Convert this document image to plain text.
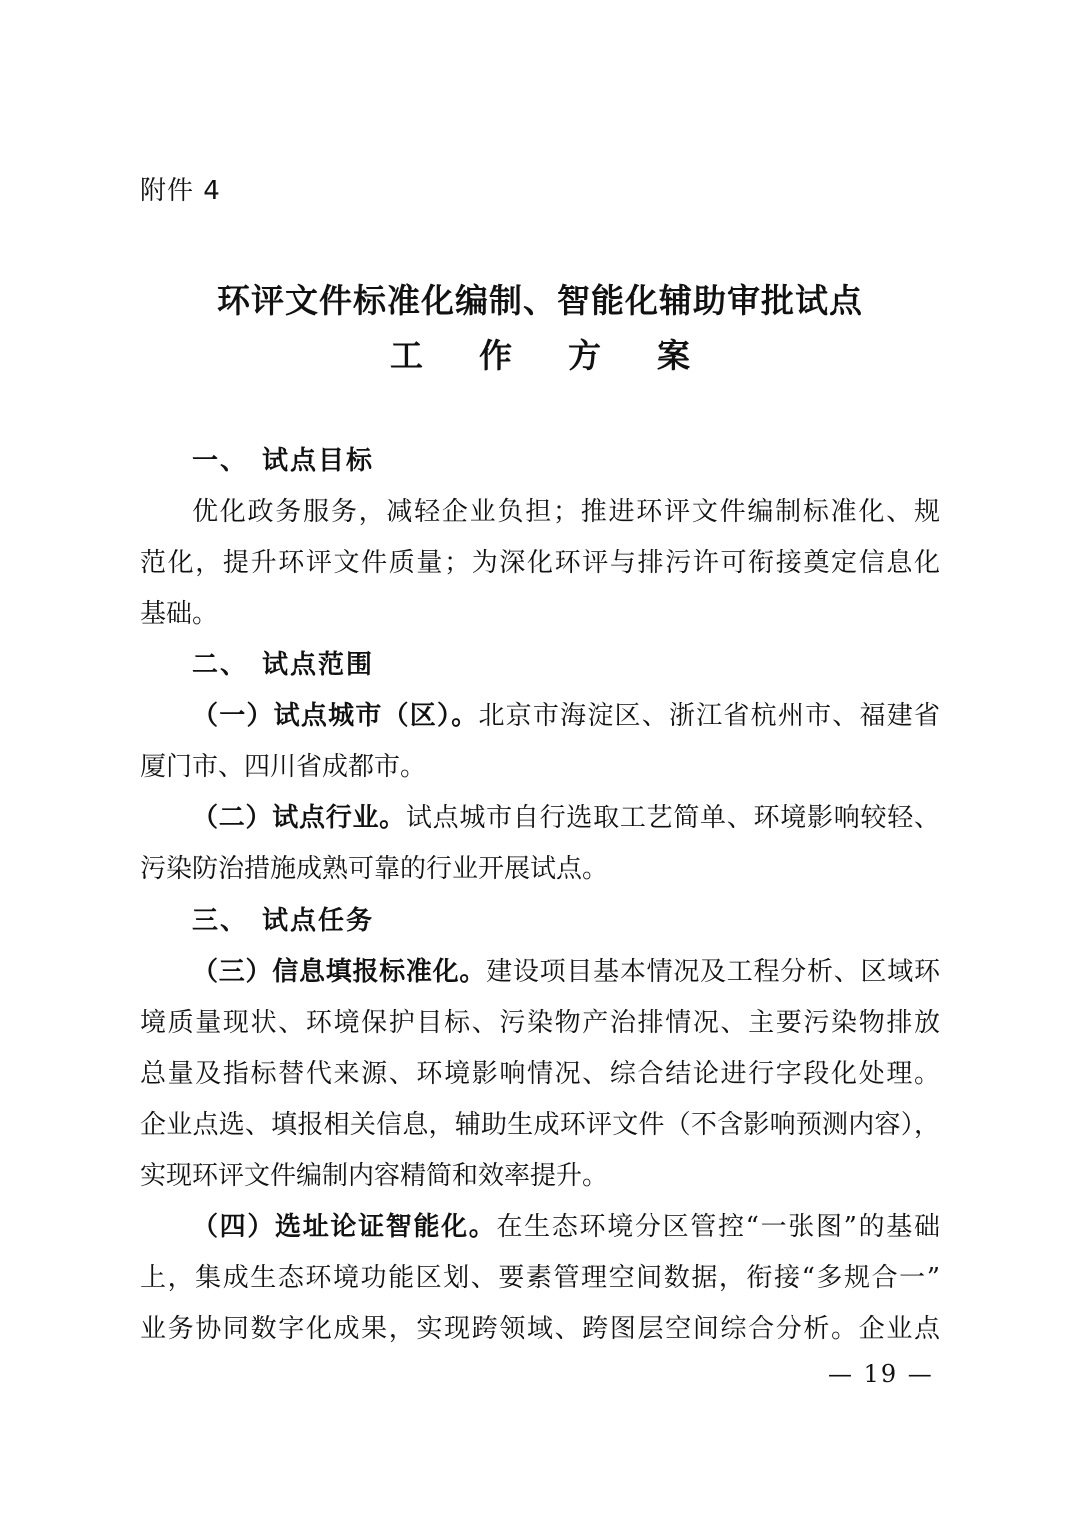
附件 4
环评文件标准化编制、智能化辅助审批试点
工作方案
一、 试点目标
优化政务服务，减轻企业负担；推进环评文件编制标准化、规
范化，提升环评文件质量；为深化环评与排污许可衔接奠定信息化
基础。
二、 试点范围
（一）试点城市（区）。北京市海淀区、浙江省杭州市、福建省
厦门市、四川省成都市。
（二）试点行业。试点城市自行选取工艺简单、环境影响较轻、
污染防治措施成熟可靠的行业开展试点。
三、 试点任务
（三）信息填报标准化。建设项目基本情况及工程分析、区域环
境质量现状、环境保护目标、污染物产治排情况、主要污染物排放
总量及指标替代来源、环境影响情况、综合结论进行字段化处理。
企业点选、填报相关信息，辅助生成环评文件（不含影响预测内容），
实现环评文件编制内容精简和效率提升。
（四）选址论证智能化。在生态环境分区管控“一张图”的基础
上，集成生态环境功能区划、要素管理空间数据，衔接“多规合一”
业务协同数字化成果，实现跨领域、跨图层空间综合分析。企业点
— 19 —
